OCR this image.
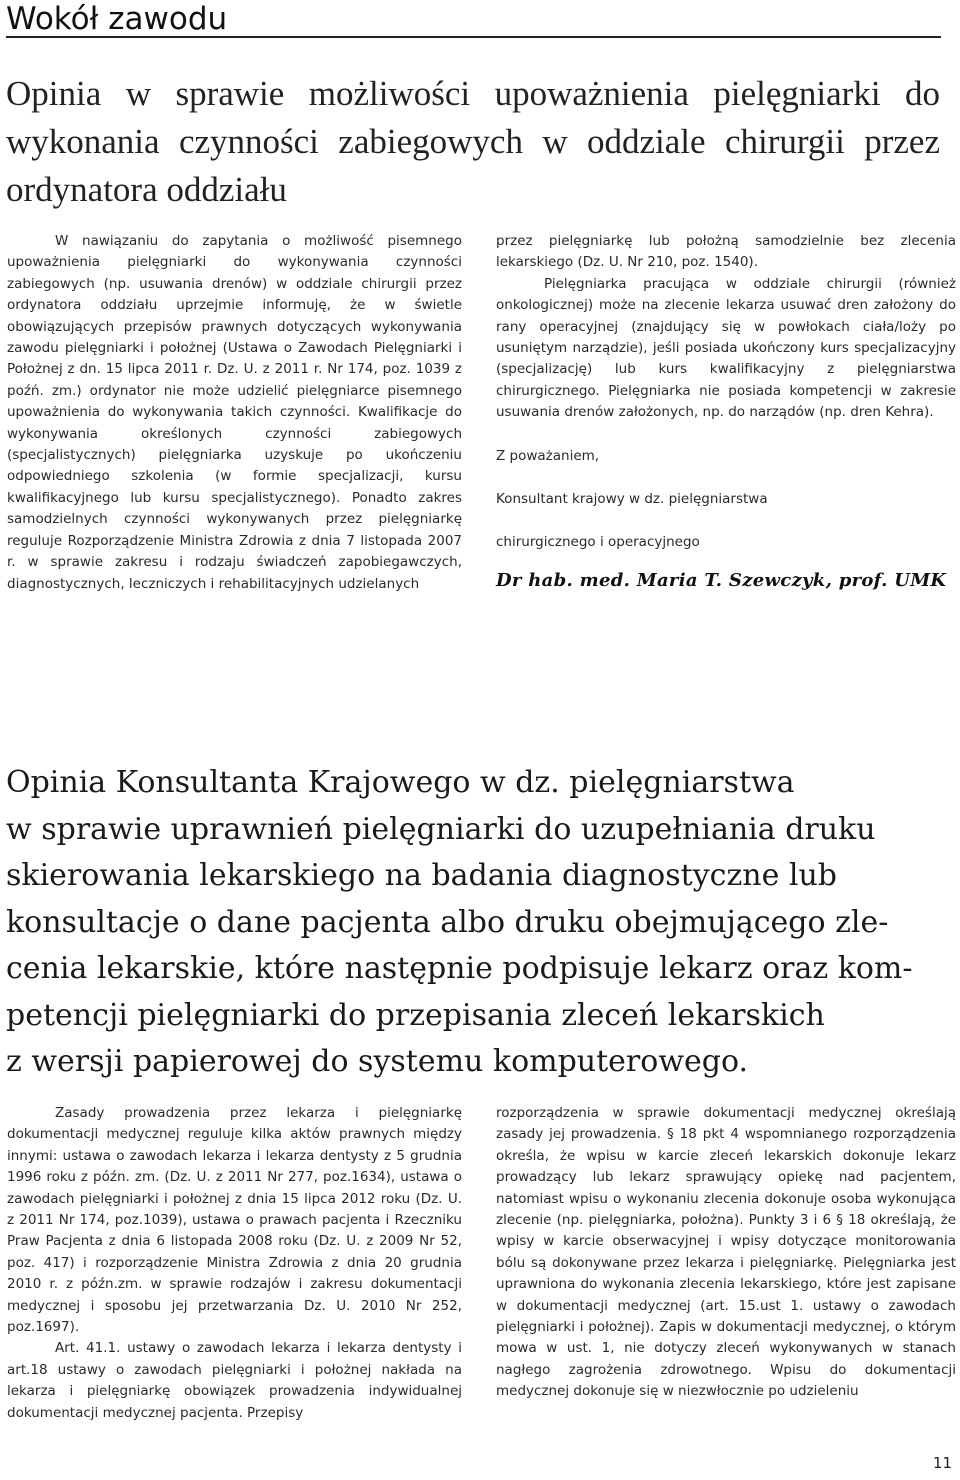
Wokół zawodu
Opinia w sprawie możliwości upoważnienia pielęgniarki do wykonania czynności zabiegowych w oddziale chirurgii przez ordynatora oddziału

W nawiązaniu do zapytania o możliwość pisemnego upoważnienia pielęgniarki do wykonywania czynności zabiegowych (np. usuwania drenów) w oddziale chirurgii przez ordynatora oddziału uprzejmie informuję, że w świetle obowiązujących przepisów prawnych dotyczących wykonywania zawodu pielęgniarki i położnej (Ustawa o Zawodach Pielęgniarki i Położnej z dn. 15 lipca 2011 r. Dz. U. z 2011 r. Nr 174, poz. 1039 z poźń. zm.) ordynator nie może udzielić pielęgniarce pisemnego upoważnienia do wykonywania takich czynności. Kwalifikacje do wykonywania określonych czynności zabiegowych (specjalistycznych) pielęgniarka uzyskuje po ukończeniu odpowiedniego szkolenia (w formie specjalizacji, kursu kwalifikacyjnego lub kursu specjalistycznego). Ponadto zakres samodzielnych czynności wykonywanych przez pielęgniarkę reguluje Rozporządzenie Ministra Zdrowia z dnia 7 listopada 2007 r. w sprawie zakresu i rodzaju świadczeń zapobiegawczych, diagnostycznych, leczniczych i rehabilitacyjnych udzielanych

przez pielęgniarkę lub położną samodzielnie bez zlecenia lekarskiego (Dz. U. Nr 210, poz. 1540).

Pielęgniarka pracująca w oddziale chirurgii (również onkologicznej) może na zlecenie lekarza usuwać dren założony do rany operacyjnej (znajdujący się w powłokach ciała/loży po usuniętym narządzie), jeśli posiada ukończony kurs specjalizacyjny (specjalizację) lub kurs kwalifikacyjny z pielęgniarstwa chirurgicznego. Pielęgniarka nie posiada kompetencji w zakresie usuwania drenów założonych, np. do narządów (np. dren Kehra).

Z poważaniem,

Konsultant krajowy w dz. pielęgniarstwa

chirurgicznego i operacyjnego

Dr hab. med. Maria T. Szewczyk, prof. UMK

Opinia Konsultanta Krajowego w dz. pielęgniarstwa
w sprawie uprawnień pielęgniarki do uzupełniania druku
skierowania lekarskiego na badania diagnostyczne lub
konsultacje o dane pacjenta albo druku obejmującego zle-
cenia lekarskie, które następnie podpisuje lekarz oraz kom-
petencji pielęgniarki do przepisania zleceń lekarskich
z wersji papierowej do systemu komputerowego.

Zasady prowadzenia przez lekarza i pielęgniarkę dokumentacji medycznej reguluje kilka aktów prawnych między innymi: ustawa o zawodach lekarza i lekarza dentysty z 5 grudnia 1996 roku z późn. zm. (Dz. U. z 2011 Nr 277, poz.1634), ustawa o zawodach pielęgniarki i położnej z dnia 15 lipca 2012 roku (Dz. U. z 2011 Nr 174, poz.1039), ustawa o prawach pacjenta i Rzeczniku Praw Pacjenta z dnia 6 listopada 2008 roku (Dz. U. z 2009 Nr 52, poz. 417) i rozporządzenie Ministra Zdrowia z dnia 20 grudnia 2010 r. z późn.zm. w sprawie rodzajów i zakresu dokumentacji medycznej i sposobu jej przetwarzania Dz. U. 2010 Nr 252, poz.1697).

Art. 41.1. ustawy o zawodach lekarza i lekarza dentysty i art.18 ustawy o zawodach pielęgniarki i położnej nakłada na lekarza i pielęgniarkę obowiązek prowadzenia indywidualnej dokumentacji medycznej pacjenta. Przepisy

rozporządzenia w sprawie dokumentacji medycznej określają zasady jej prowadzenia. § 18 pkt 4 wspomnianego rozporządzenia określa, że wpisu w karcie zleceń lekarskich dokonuje lekarz prowadzący lub lekarz sprawujący opiekę nad pacjentem, natomiast wpisu o wykonaniu zlecenia dokonuje osoba wykonująca zlecenie (np. pielęgniarka, położna). Punkty 3 i 6 § 18 określają, że wpisy w karcie obserwacyjnej i wpisy dotyczące monitorowania bólu są dokonywane przez lekarza i pielęgniarkę. Pielęgniarka jest uprawniona do wykonania zlecenia lekarskiego, które jest zapisane w dokumentacji medycznej (art. 15.ust 1. ustawy o zawodach pielęgniarki i położnej). Zapis w dokumentacji medycznej, o którym mowa w ust. 1, nie dotyczy zleceń wykonywanych w stanach nagłego zagrożenia zdrowotnego. Wpisu do dokumentacji medycznej dokonuje się w niezwłocznie po udzieleniu

11
